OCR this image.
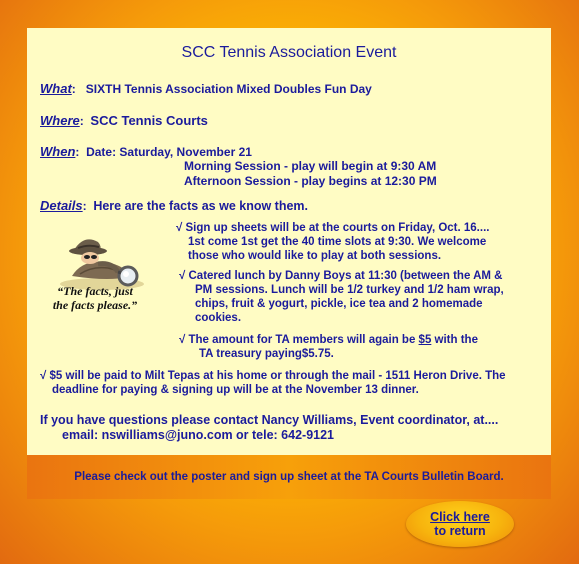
SCC Tennis Association Event
What:   SIXTH Tennis Association Mixed Doubles Fun Day
Where:  SCC Tennis Courts
When:  Date: Saturday, November 21
Morning Session - play will begin at 9:30 AM
Afternoon Session - play begins at 12:30 PM
Details:  Here are the facts as we know them.

√ Sign up sheets will be at the courts on Friday, Oct. 16....

1st come 1st get the 40 time slots at 9:30. We welcome

those who would like to play at both sessions.

√ Catered lunch by Danny Boys at 11:30 (between the AM &

PM sessions. Lunch will be 1/2 turkey and 1/2 ham wrap,

chips, fruit & yogurt, pickle, ice tea and 2 homemade

cookies.

√ The amount for TA members will again be $5 with the

TA treasury paying$5.75.

√ $5 will be paid to Milt Tepas at his home or through the mail - 1511 Heron Drive. The

deadline for paying & signing up will be at the November 13 dinner.

If you have questions please contact Nancy Williams, Event coordinator, at....
email: nswilliams@juno.com or tele: 642-9121
“The facts, just
the facts please.”
Please check out the poster and sign up sheet at the TA Courts Bulletin Board.
Click here
to return
